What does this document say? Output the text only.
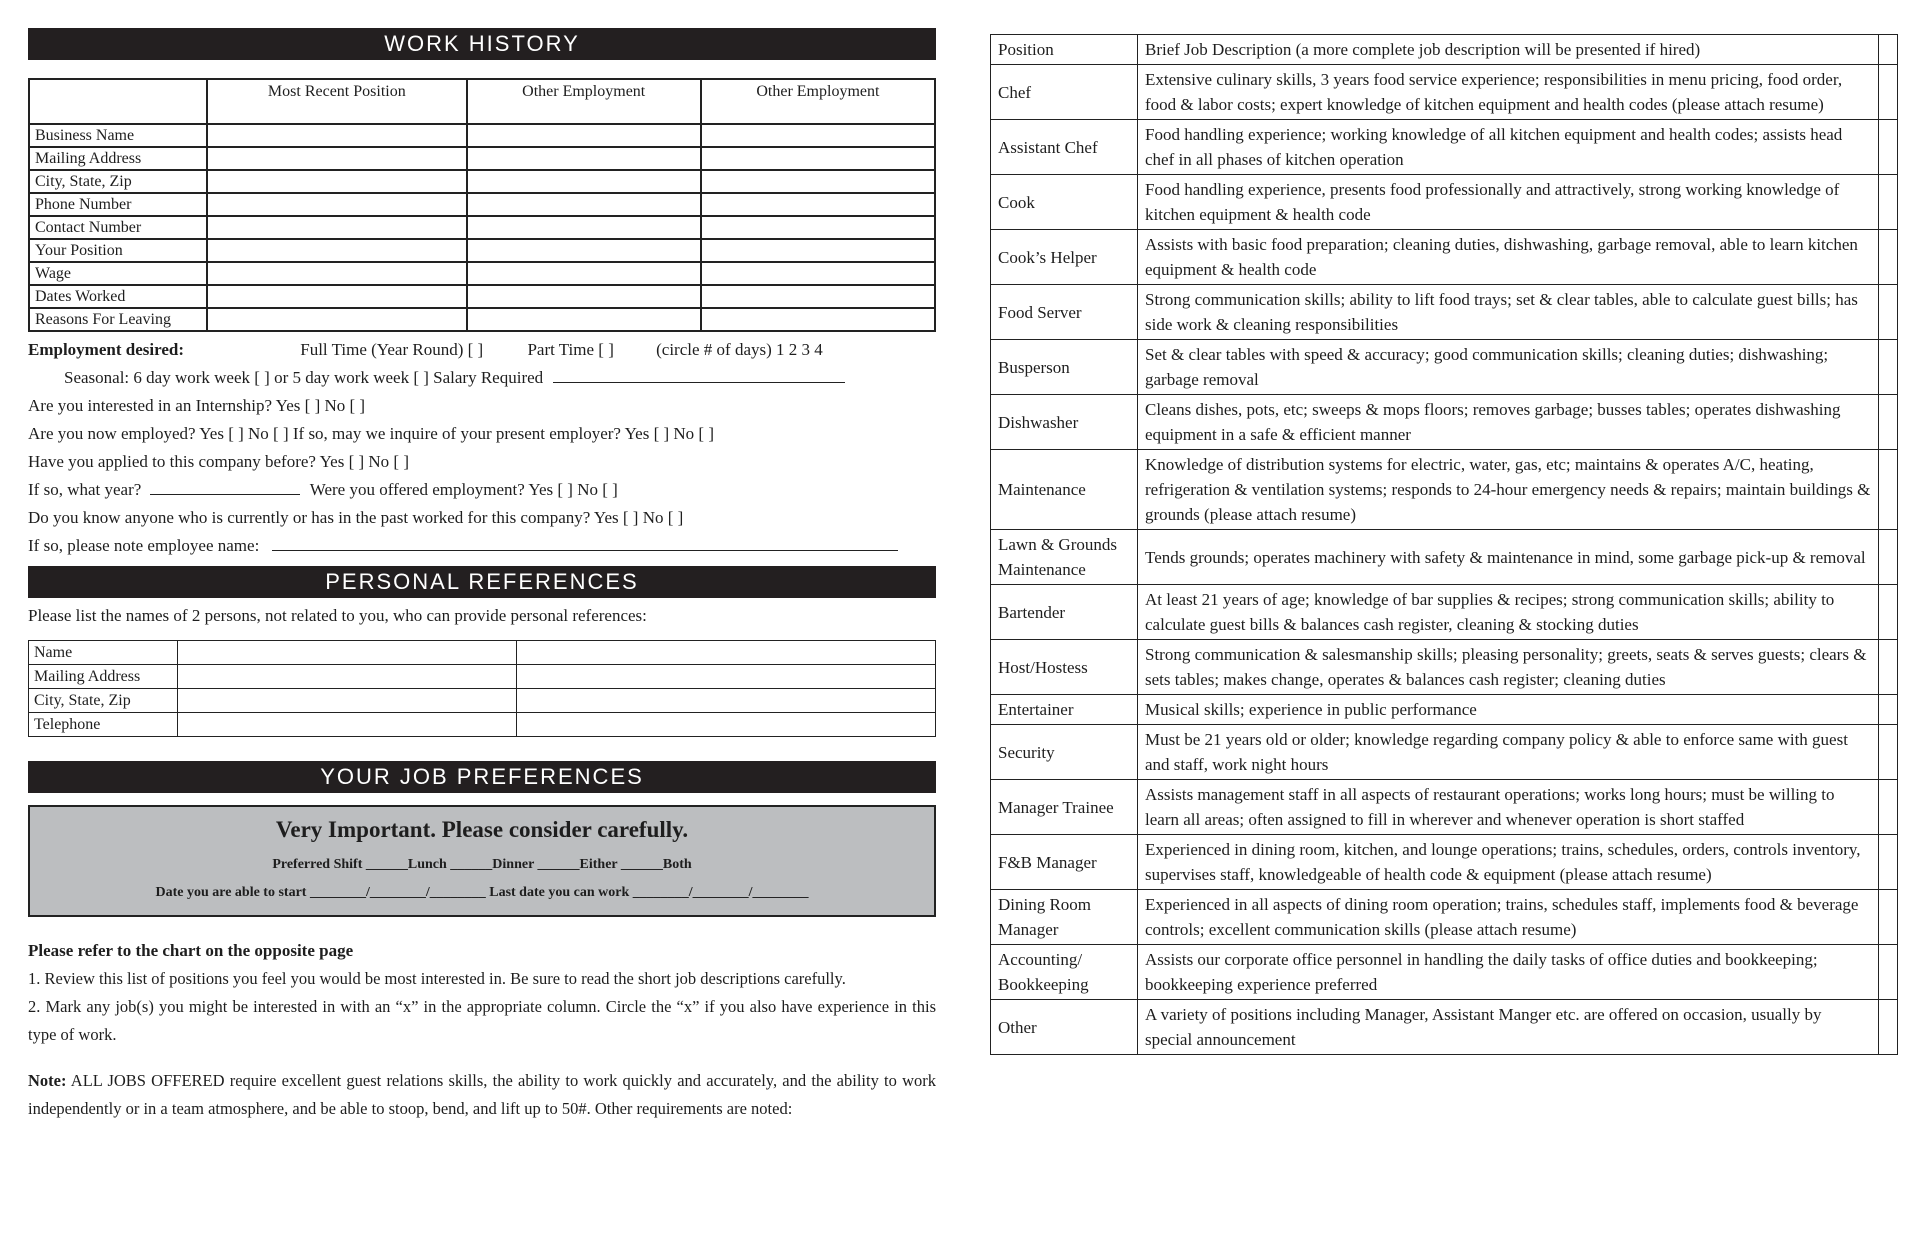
WORK HISTORY
	Most Recent Position	Other Employment	Other Employment
Business Name			
Mailing Address			
City, State, Zip			
Phone Number			
Contact Number			
Your Position			
Wage			
Dates Worked			
Reasons For Leaving			
Employment desired:	Full Time (Year Round) [ ]	Part Time [ ] (circle # of days) 1 2 3 4
Seasonal: 6 day work week [ ] or 5 day work week [ ] Salary Required
Are you interested in an Internship? Yes [ ] No [ ]
Are you now employed? Yes [ ] No [ ] If so, may we inquire of your present employer? Yes [ ] No [ ]
Have you applied to this company before? Yes [ ] No [ ]
If so, what year?	Were you offered employment? Yes [ ] No [ ]
Do you know anyone who is currently or has in the past worked for this company? Yes [ ] No [ ]
If so, please note employee name:
PERSONAL REFERENCES
Please list the names of 2 persons, not related to you, who can provide personal references:
Name		
Mailing Address		
City, State, Zip		
Telephone		
YOUR JOB PREFERENCES
Very Important. Please consider carefully.
Preferred Shift ______Lunch ______Dinner ______Either ______Both
Date you are able to start ________/________/________ Last date you can work ________/________/________
Please refer to the chart on the opposite page
1. Review this list of positions you feel you would be most interested in. Be sure to read the short job descriptions carefully.
2. Mark any job(s) you might be interested in with an “x” in the appropriate column. Circle the “x” if you also have experience in this type of work.
Note: ALL JOBS OFFERED require excellent guest relations skills, the ability to work quickly and accurately, and the ability to work independently or in a team atmosphere, and be able to stoop, bend, and lift up to 50#. Other requirements are noted:
Position	Brief Job Description (a more complete job description will be presented if hired)	
Chef	Extensive culinary skills, 3 years food service experience; responsibilities in menu pricing, food order, food & labor costs; expert knowledge of kitchen equipment and health codes (please attach resume)	
Assistant Chef	Food handling experience; working knowledge of all kitchen equipment and health codes; assists head chef in all phases of kitchen operation	
Cook	Food handling experience, presents food professionally and attractively, strong working knowledge of kitchen equipment & health code	
Cook’s Helper	Assists with basic food preparation; cleaning duties, dishwashing, garbage removal, able to learn kitchen equipment & health code	
Food Server	Strong communication skills; ability to lift food trays; set & clear tables, able to calculate guest bills; has side work & cleaning responsibilities	
Busperson	Set & clear tables with speed & accuracy; good communication skills; cleaning duties; dishwashing; garbage removal	
Dishwasher	Cleans dishes, pots, etc; sweeps & mops floors; removes garbage; busses tables; operates dishwashing equipment in a safe & efficient manner	
Maintenance	Knowledge of distribution systems for electric, water, gas, etc; maintains & operates A/C, heating, refrigeration & ventilation systems; responds to 24-hour emergency needs & repairs; maintain buildings & grounds (please attach resume)	
Lawn & Grounds Maintenance	Tends grounds; operates machinery with safety & maintenance in mind, some garbage pick-up & removal	
Bartender	At least 21 years of age; knowledge of bar supplies & recipes; strong communication skills; ability to calculate guest bills & balances cash register, cleaning & stocking duties	
Host/Hostess	Strong communication & salesmanship skills; pleasing personality; greets, seats & serves guests; clears & sets tables; makes change, operates & balances cash register; cleaning duties	
Entertainer	Musical skills; experience in public performance	
Security	Must be 21 years old or older; knowledge regarding company policy & able to enforce same with guest and staff, work night hours	
Manager Trainee	Assists management staff in all aspects of restaurant operations; works long hours; must be willing to learn all areas; often assigned to fill in wherever and whenever operation is short staffed	
F&B Manager	Experienced in dining room, kitchen, and lounge operations; trains, schedules, orders, controls inventory, supervises staff, knowledgeable of health code & equipment (please attach resume)	
Dining Room Manager	Experienced in all aspects of dining room operation; trains, schedules staff, implements food & beverage controls; excellent communication skills (please attach resume)	
Accounting/ Bookkeeping	Assists our corporate office personnel in handling the daily tasks of office duties and bookkeeping; bookkeeping experience preferred	
Other	A variety of positions including Manager, Assistant Manger etc. are offered on occasion, usually by special announcement	
